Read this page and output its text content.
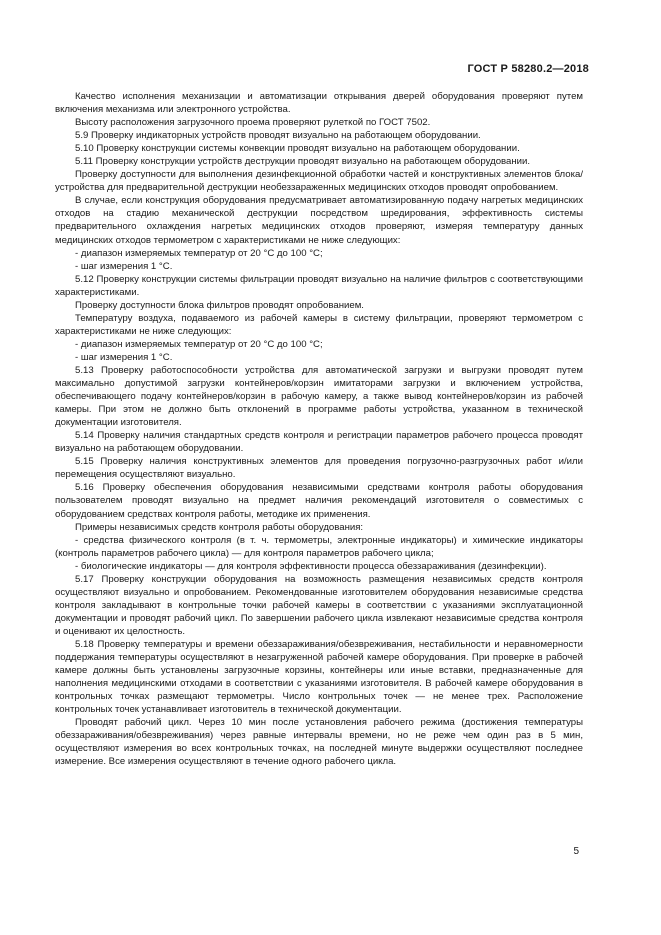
ГОСТ Р 58280.2—2018

Качество исполнения механизации и автоматизации открывания дверей оборудования проверяют путем включения механизма или электронного устройства.

Высоту расположения загрузочного проема проверяют рулеткой по ГОСТ 7502.

5.9 Проверку индикаторных устройств проводят визуально на работающем оборудовании.

5.10 Проверку конструкции системы конвекции проводят визуально на работающем оборудовании.

5.11 Проверку конструкции устройств деструкции проводят визуально на работающем оборудовании.

Проверку доступности для выполнения дезинфекционной обработки частей и конструктивных элементов блока/устройства для предварительной деструкции необеззараженных медицинских отходов проводят опробованием.

В случае, если конструкция оборудования предусматривает автоматизированную подачу нагретых медицинских отходов на стадию механической деструкции посредством шредирования, эффективность системы предварительного охлаждения нагретых медицинских отходов проверяют, измеряя температуру данных медицинских отходов термометром с характеристиками не ниже следующих:

- диапазон измеряемых температур от 20 °С до 100 °С;

- шаг измерения 1 °С.

5.12 Проверку конструкции системы фильтрации проводят визуально на наличие фильтров с соответствующими характеристиками.

Проверку доступности блока фильтров проводят опробованием.

Температуру воздуха, подаваемого из рабочей камеры в систему фильтрации, проверяют термометром с характеристиками не ниже следующих:

- диапазон измеряемых температур от 20 °С до 100 °С;

- шаг измерения 1 °С.

5.13 Проверку работоспособности устройства для автоматической загрузки и выгрузки проводят путем максимально допустимой загрузки контейнеров/корзин имитаторами загрузки и включением устройства, обеспечивающего подачу контейнеров/корзин в рабочую камеру, а также вывод контейнеров/корзин из рабочей камеры. При этом не должно быть отклонений в программе работы устройства, указанном в технической документации изготовителя.

5.14 Проверку наличия стандартных средств контроля и регистрации параметров рабочего процесса проводят визуально на работающем оборудовании.

5.15 Проверку наличия конструктивных элементов для проведения погрузочно-разгрузочных работ и/или перемещения осуществляют визуально.

5.16 Проверку обеспечения оборудования независимыми средствами контроля работы оборудования пользователем проводят визуально на предмет наличия рекомендаций изготовителя о совместимых с оборудованием средствах контроля работы, методике их применения.

Примеры независимых средств контроля работы оборудования:

- средства физического контроля (в т. ч. термометры, электронные индикаторы) и химические индикаторы (контроль параметров рабочего цикла) — для контроля параметров рабочего цикла;

- биологические индикаторы — для контроля эффективности процесса обеззараживания (дезинфекции).

5.17 Проверку конструкции оборудования на возможность размещения независимых средств контроля осуществляют визуально и опробованием. Рекомендованные изготовителем оборудования независимые средства контроля закладывают в контрольные точки рабочей камеры в соответствии с указаниями эксплуатационной документации и проводят рабочий цикл. По завершении рабочего цикла извлекают независимые средства контроля и оценивают их целостность.

5.18 Проверку температуры и времени обеззараживания/обезвреживания, нестабильности и неравномерности поддержания температуры осуществляют в незагруженной рабочей камере оборудования. При проверке в рабочей камере должны быть установлены загрузочные корзины, контейнеры или иные вставки, предназначенные для наполнения медицинскими отходами в соответствии с указаниями изготовителя. В рабочей камере оборудования в контрольных точках размещают термометры. Число контрольных точек — не менее трех. Расположение контрольных точек устанавливает изготовитель в технической документации.

Проводят рабочий цикл. Через 10 мин после установления рабочего режима (достижения температуры обеззараживания/обезвреживания) через равные интервалы времени, но не реже чем один раз в 5 мин, осуществляют измерения во всех контрольных точках, на последней минуте выдержки осуществляют последнее измерение. Все измерения осуществляют в течение одного рабочего цикла.

5
